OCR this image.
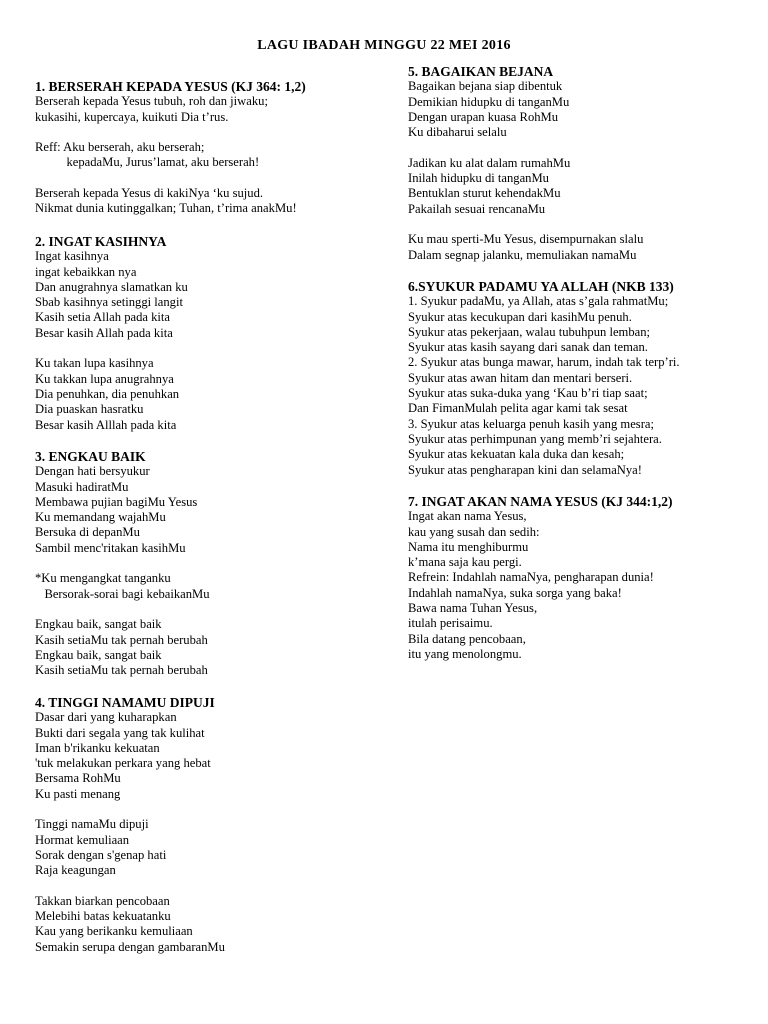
LAGU IBADAH MINGGU 22 MEI 2016
1. BERSERAH KEPADA YESUS (KJ 364: 1,2)
Berserah kepada Yesus tubuh, roh dan jiwaku;
kukasihi, kupercaya, kuikuti Dia t’rus.
Reff: Aku berserah, aku berserah;
kepadaMu, Jurus’lamat, aku berserah!
Berserah kepada Yesus di kakiNya ‘ku sujud.
Nikmat dunia kutinggalkan; Tuhan, t’rima anakMu!
2. INGAT KASIHNYA
Ingat kasihnya
ingat kebaikkan nya
Dan anugrahnya slamatkan ku
Sbab kasihnya setinggi langit
Kasih setia Allah pada kita
Besar kasih Allah pada kita
Ku takan lupa kasihnya
Ku takkan lupa anugrahnya
Dia penuhkan, dia penuhkan
Dia puaskan hasratku
Besar kasih Alllah pada kita
3. ENGKAU BAIK
Dengan hati bersyukur
Masuki hadiratMu
Membawa pujian bagiMu Yesus
Ku memandang wajahMu
Bersuka di depanMu
Sambil menc'ritakan kasihMu
*Ku mengangkat tanganku
Bersorak-sorai bagi kebaikanMu
Engkau baik, sangat baik
Kasih setiaMu tak pernah berubah
Engkau baik, sangat baik
Kasih setiaMu tak pernah berubah
4. TINGGI NAMAMU DIPUJI
Dasar dari yang kuharapkan
Bukti dari segala yang tak kulihat
Iman b'rikanku kekuatan
'tuk melakukan perkara yang hebat
Bersama RohMu
Ku pasti menang
Tinggi namaMu dipuji
Hormat kemuliaan
Sorak dengan s'genap hati
Raja keagungan
Takkan biarkan pencobaan
Melebihi batas kekuatanku
Kau yang berikanku kemuliaan
Semakin serupa dengan gambaranMu
5. BAGAIKAN BEJANA
Bagaikan bejana siap dibentuk
Demikian hidupku di tanganMu
Dengan urapan kuasa RohMu
Ku dibaharui selalu
Jadikan ku alat dalam rumahMu
Inilah hidupku di tanganMu
Bentuklan sturut kehendakMu
Pakailah sesuai rencanaMu
Ku mau sperti-Mu Yesus, disempurnakan slalu
Dalam segnap jalanku, memuliakan namaMu
6.SYUKUR PADAMU YA ALLAH (NKB 133)
1. Syukur padaMu, ya Allah, atas s’gala rahmatMu;
Syukur atas kecukupan dari kasihMu penuh.
Syukur atas pekerjaan, walau tubuhpun lemban;
Syukur atas kasih sayang dari sanak dan teman.
2. Syukur atas bunga mawar, harum, indah tak terp’ri.
Syukur atas awan hitam dan mentari berseri.
Syukur atas suka-duka yang ‘Kau b’ri tiap saat;
Dan FimanMulah pelita agar kami tak sesat
3. Syukur atas keluarga penuh kasih yang mesra;
Syukur atas perhimpunan yang memb’ri sejahtera.
Syukur atas kekuatan kala duka dan kesah;
Syukur atas pengharapan kini dan selamaNya!
7. INGAT AKAN NAMA YESUS (KJ 344:1,2)
Ingat akan nama Yesus,
kau yang susah dan sedih:
Nama itu menghiburmu
k’mana saja kau pergi.
Refrein: Indahlah namaNya, pengharapan dunia!
Indahlah namaNya, suka sorga yang baka!
Bawa nama Tuhan Yesus,
itulah perisaimu.
Bila datang pencobaan,
itu yang menolongmu.
